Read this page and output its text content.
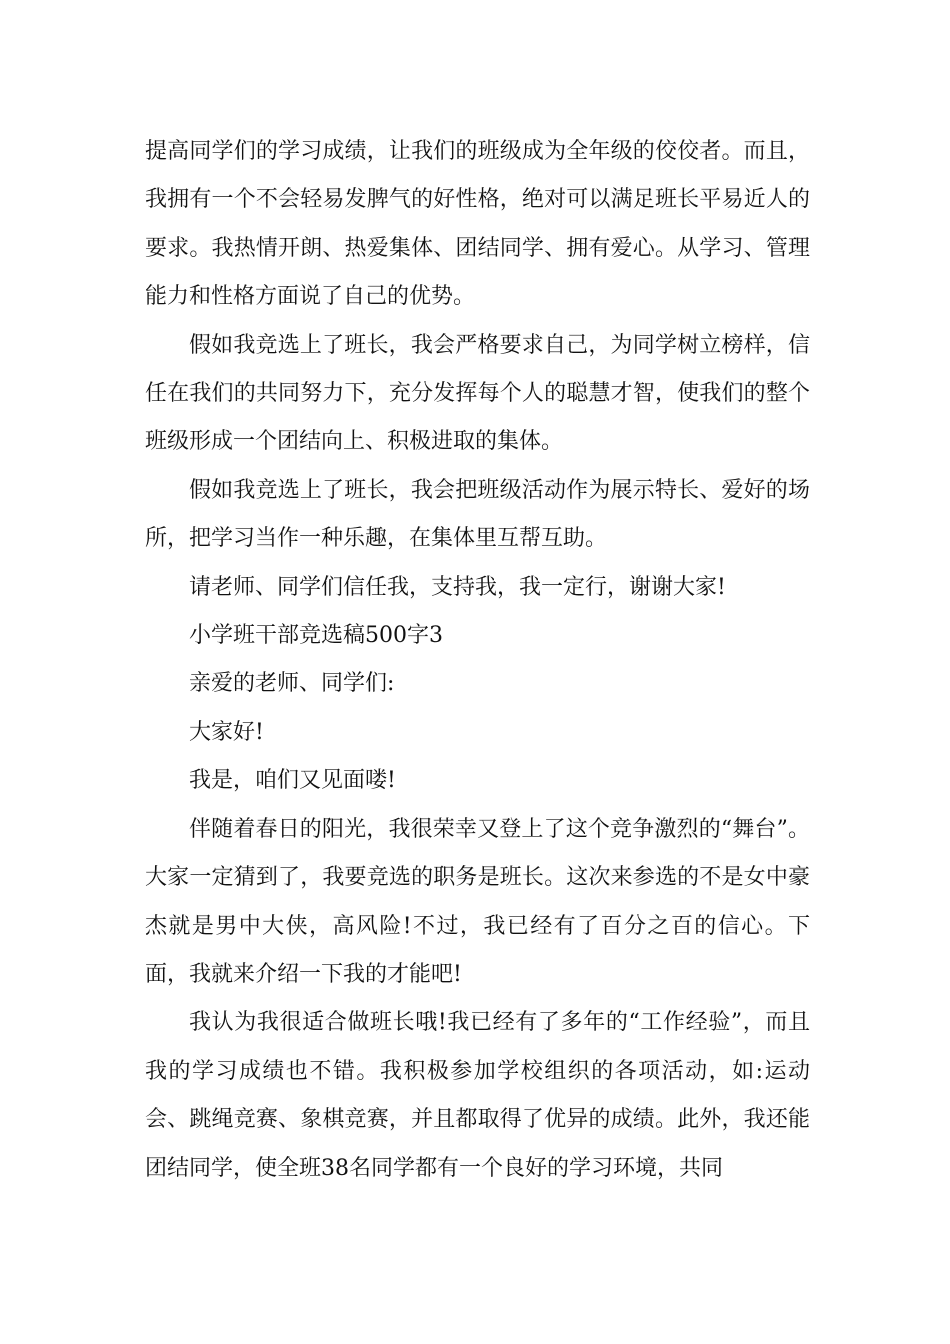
提高同学们的学习成绩，让我们的班级成为全年级的佼佼者。而且，我拥有一个不会轻易发脾气的好性格，绝对可以满足班长平易近人的要求。我热情开朗、热爱集体、团结同学、拥有爱心。从学习、管理能力和性格方面说了自己的优势。

假如我竞选上了班长，我会严格要求自己，为同学树立榜样，信任在我们的共同努力下，充分发挥每个人的聪慧才智，使我们的整个班级形成一个团结向上、积极进取的集体。

假如我竞选上了班长，我会把班级活动作为展示特长、爱好的场所，把学习当作一种乐趣，在集体里互帮互助。

请老师、同学们信任我，支持我，我一定行，谢谢大家!

小学班干部竞选稿500字3

亲爱的老师、同学们:

大家好!

我是，咱们又见面喽!

伴随着春日的阳光，我很荣幸又登上了这个竞争激烈的“舞台”。大家一定猜到了，我要竞选的职务是班长。这次来参选的不是女中豪杰就是男中大侠，高风险!不过，我已经有了百分之百的信心。下面，我就来介绍一下我的才能吧!

我认为我很适合做班长哦!我已经有了多年的“工作经验”，而且我的学习成绩也不错。我积极参加学校组织的各项活动，如:运动会、跳绳竞赛、象棋竞赛，并且都取得了优异的成绩。此外，我还能团结同学，使全班38名同学都有一个良好的学习环境，共同
